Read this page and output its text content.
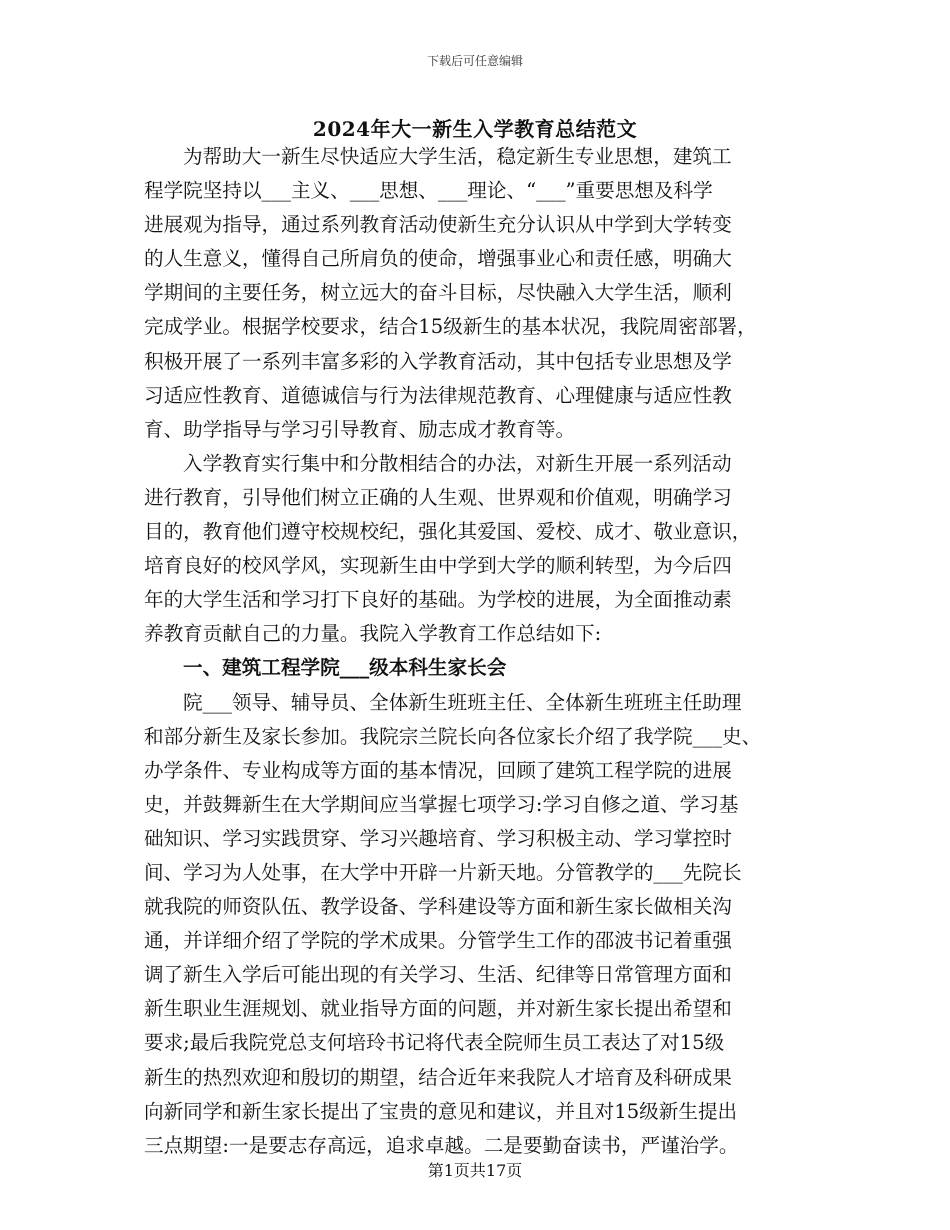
下载后可任意编辑
2024年大一新生入学教育总结范文
为帮助大一新生尽快适应大学生活，稳定新生专业思想，建筑工
程学院坚持以___主义、___思想、___理论、“___”重要思想及科学
进展观为指导，通过系列教育活动使新生充分认识从中学到大学转变
的人生意义，懂得自己所肩负的使命，增强事业心和责任感，明确大
学期间的主要任务，树立远大的奋斗目标，尽快融入大学生活，顺利
完成学业。根据学校要求，结合15级新生的基本状况，我院周密部署，
积极开展了一系列丰富多彩的入学教育活动，其中包括专业思想及学
习适应性教育、道德诚信与行为法律规范教育、心理健康与适应性教
育、助学指导与学习引导教育、励志成才教育等。
入学教育实行集中和分散相结合的办法，对新生开展一系列活动
进行教育，引导他们树立正确的人生观、世界观和价值观，明确学习
目的，教育他们遵守校规校纪，强化其爱国、爱校、成才、敬业意识，
培育良好的校风学风，实现新生由中学到大学的顺利转型，为今后四
年的大学生活和学习打下良好的基础。为学校的进展，为全面推动素
养教育贡献自己的力量。我院入学教育工作总结如下:
一、建筑工程学院___级本科生家长会
院___领导、辅导员、全体新生班班主任、全体新生班班主任助理
和部分新生及家长参加。我院宗兰院长向各位家长介绍了我学院___史、
办学条件、专业构成等方面的基本情况，回顾了建筑工程学院的进展
史，并鼓舞新生在大学期间应当掌握七项学习:学习自修之道、学习基
础知识、学习实践贯穿、学习兴趣培育、学习积极主动、学习掌控时
间、学习为人处事，在大学中开辟一片新天地。分管教学的___先院长
就我院的师资队伍、教学设备、学科建设等方面和新生家长做相关沟
通，并详细介绍了学院的学术成果。分管学生工作的邵波书记着重强
调了新生入学后可能出现的有关学习、生活、纪律等日常管理方面和
新生职业生涯规划、就业指导方面的问题，并对新生家长提出希望和
要求;最后我院党总支何培玲书记将代表全院师生员工表达了对15级
新生的热烈欢迎和殷切的期望，结合近年来我院人才培育及科研成果
向新同学和新生家长提出了宝贵的意见和建议，并且对15级新生提出
三点期望:一是要志存高远，追求卓越。二是要勤奋读书，严谨治学。
第1页共17页
